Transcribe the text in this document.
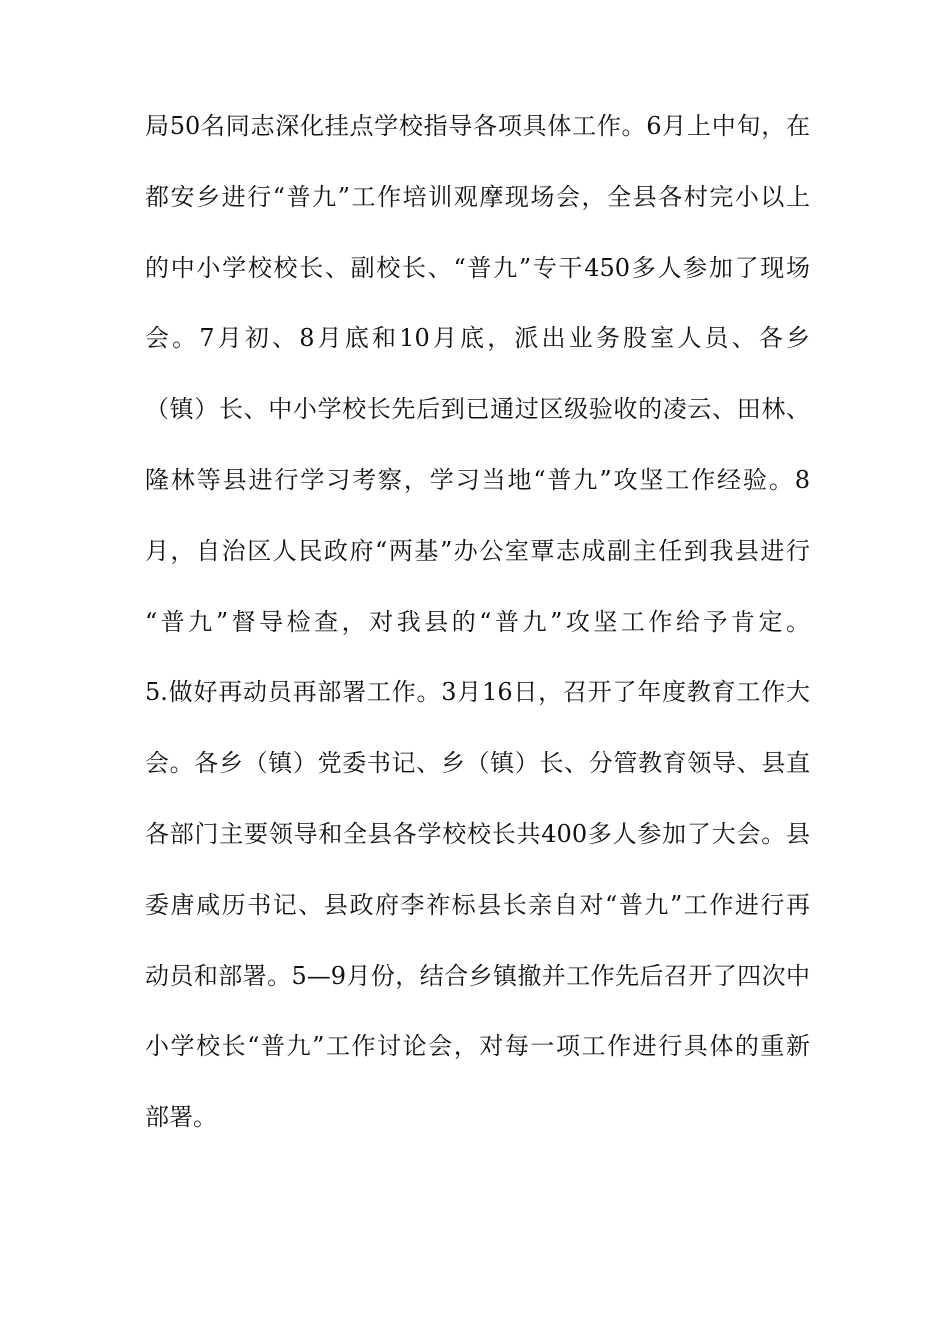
局50名同志深化挂点学校指导各项具体工作。6月上中旬，在
都安乡进行“普九”工作培训观摩现场会，全县各村完小以上
的中小学校校长、副校长、“普九”专干450多人参加了现场
会。7月初、8月底和10月底，派出业务股室人员、各乡
（镇）长、中小学校长先后到已通过区级验收的凌云、田林、
隆林等县进行学习考察，学习当地“普九”攻坚工作经验。8
月，自治区人民政府“两基”办公室覃志成副主任到我县进行
“普九”督导检查，对我县的“普九”攻坚工作给予肯定。
5.做好再动员再部署工作。3月16日，召开了年度教育工作大
会。各乡（镇）党委书记、乡（镇）长、分管教育领导、县直
各部门主要领导和全县各学校校长共400多人参加了大会。县
委唐咸历书记、县政府李祚标县长亲自对“普九”工作进行再
动员和部署。5—9月份，结合乡镇撤并工作先后召开了四次中
小学校长“普九”工作讨论会，对每一项工作进行具体的重新
部署。
